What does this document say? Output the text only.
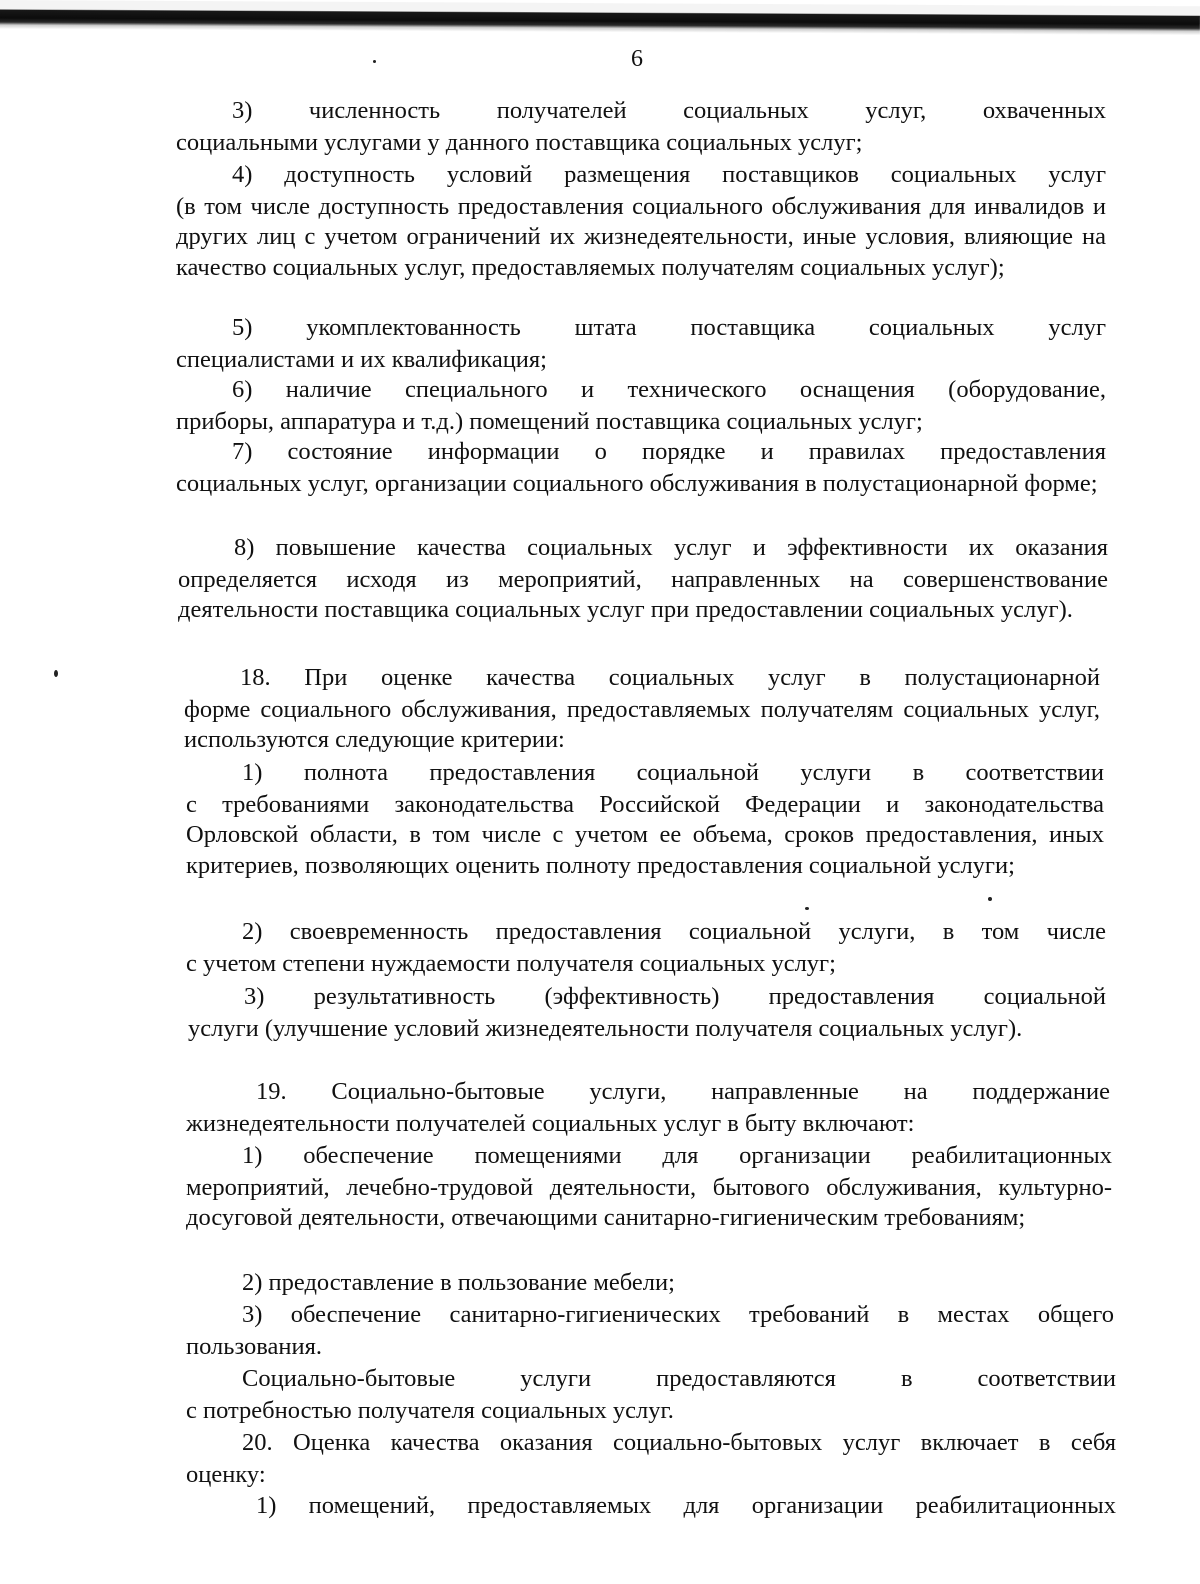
6
3) численность получателей социальных услуг, охваченных
социальными услугами у данного поставщика социальных услуг;
4) доступность условий размещения поставщиков социальных услуг
(в том числе доступность предоставления социального обслуживания для инвалидов и других лиц с учетом ограничений их жизнедеятельности, иные условия, влияющие на качество социальных услуг, предоставляемых получателям социальных услуг);
5) укомплектованность штата поставщика социальных услуг
специалистами и их квалификация;
6) наличие специального и технического оснащения (оборудование,
приборы, аппаратура и т.д.) помещений поставщика социальных услуг;
7) состояние информации о порядке и правилах предоставления
социальных услуг, организации социального обслуживания в полустационарной форме;
8) повышение качества социальных услуг и эффективности их оказания
определяется исходя из мероприятий, направленных на совершенствование деятельности поставщика социальных услуг при предоставлении социальных услуг).
18. При оценке качества социальных услуг в полустационарной
форме социального обслуживания, предоставляемых получателям социальных услуг, используются следующие критерии:
1) полнота предоставления социальной услуги в соответствии
с требованиями законодательства Российской Федерации и законодательства Орловской области, в том числе с учетом ее объема, сроков предоставления, иных критериев, позволяющих оценить полноту предоставления социальной услуги;
2) своевременность предоставления социальной услуги, в том числе
с учетом степени нуждаемости получателя социальных услуг;
3) результативность (эффективность) предоставления социальной
услуги (улучшение условий жизнедеятельности получателя социальных услуг).
19. Социально-бытовые услуги, направленные на поддержание
жизнедеятельности получателей социальных услуг в быту включают:
1) обеспечение помещениями для организации реабилитационных
мероприятий, лечебно-трудовой деятельности, бытового обслуживания, культурно-досуговой деятельности, отвечающими санитарно-гигиеническим требованиям;
2) предоставление в пользование мебели;
3) обеспечение санитарно-гигиенических требований в местах общего
пользования.
Социально-бытовые услуги предоставляются в соответствии
с потребностью получателя социальных услуг.
20. Оценка качества оказания социально-бытовых услуг включает в себя
оценку:
1) помещений, предоставляемых для организации реабилитационных
